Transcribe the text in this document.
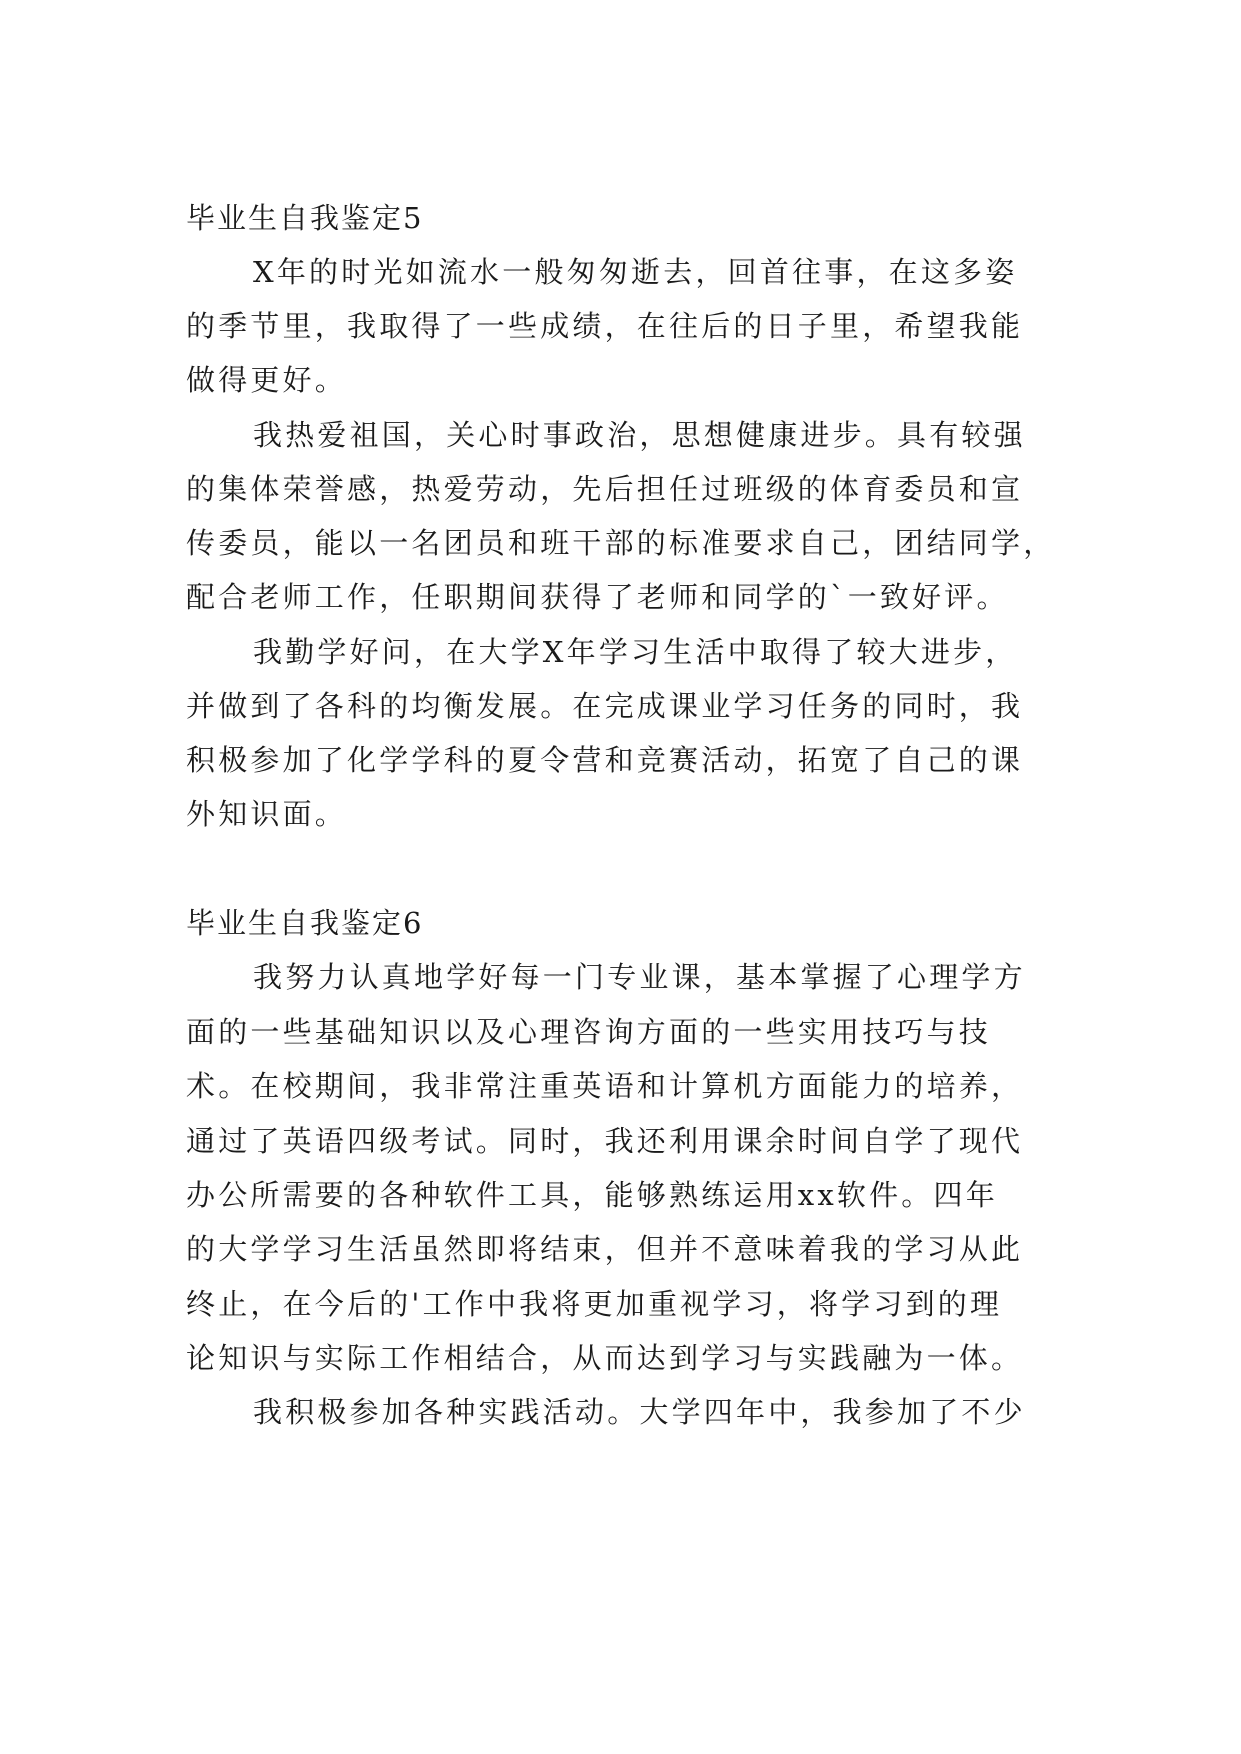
毕业生自我鉴定5
X年的时光如流水一般匆匆逝去，回首往事，在这多姿
的季节里，我取得了一些成绩，在往后的日子里，希望我能
做得更好。
我热爱祖国，关心时事政治，思想健康进步。具有较强
的集体荣誉感，热爱劳动，先后担任过班级的体育委员和宣
传委员，能以一名团员和班干部的标准要求自己，团结同学，
配合老师工作，任职期间获得了老师和同学的`一致好评。
我勤学好问，在大学X年学习生活中取得了较大进步，
并做到了各科的均衡发展。在完成课业学习任务的同时，我
积极参加了化学学科的夏令营和竞赛活动，拓宽了自己的课
外知识面。
毕业生自我鉴定6
我努力认真地学好每一门专业课，基本掌握了心理学方
面的一些基础知识以及心理咨询方面的一些实用技巧与技
术。在校期间，我非常注重英语和计算机方面能力的培养，
通过了英语四级考试。同时，我还利用课余时间自学了现代
办公所需要的各种软件工具，能够熟练运用xx软件。四年
的大学学习生活虽然即将结束，但并不意味着我的学习从此
终止，在今后的'工作中我将更加重视学习，将学习到的理
论知识与实际工作相结合，从而达到学习与实践融为一体。
我积极参加各种实践活动。大学四年中，我参加了不少
